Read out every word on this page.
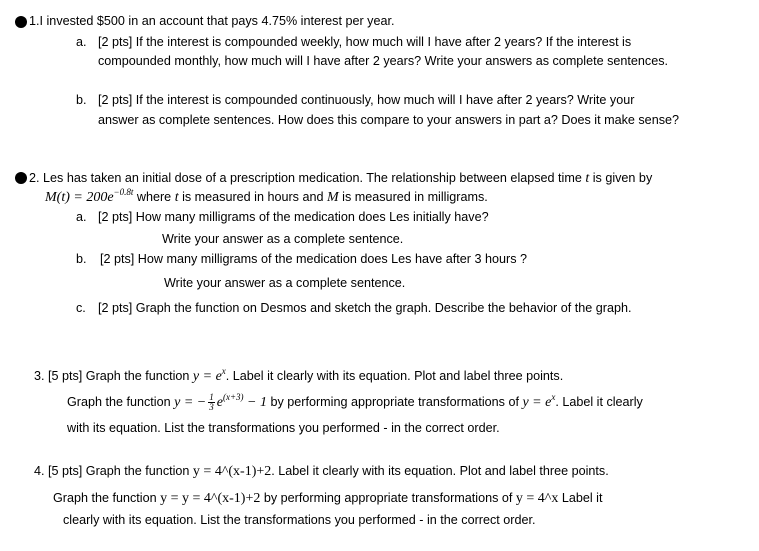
1.I invested $500 in an account that pays 4.75% interest per year.
a. [2 pts] If the interest is compounded weekly, how much will I have after 2 years? If the interest is
compounded monthly, how much will I have after 2 years? Write your answers as complete sentences.
b. [2 pts] If the interest is compounded continuously, how much will I have after 2 years? Write your
answer as complete sentences. How does this compare to your answers in part a? Does it make sense?
2. Les has taken an initial dose of a prescription medication. The relationship between elapsed time t is given by
$M(t) = 200e^{-0.8t}$ where t is measured in hours and M is measured in milligrams.
a. [2 pts] How many milligrams of the medication does Les initially have?
Write your answer as a complete sentence.
b. [2 pts] How many milligrams of the medication does Les have after 3 hours ?
Write your answer as a complete sentence.
c. [2 pts] Graph the function on Desmos and sketch the graph. Describe the behavior of the graph.
3. [5 pts] Graph the function $y = e^x$. Label it clearly with its equation. Plot and label three points.
Graph the function y = − $\frac{1}{3} e^{(x+3)} - 1$ by performing appropriate transformations of $y = e^x$. Label it clearly
with its equation. List the transformations you performed - in the correct order.
4. [5 pts] Graph the function y = 4^(x-1)+2. Label it clearly with its equation. Plot and label three points.
Graph the function y = y = 4^(x-1)+2 by performing appropriate transformations of y = 4^x Label it
clearly with its equation. List the transformations you performed - in the correct order.
